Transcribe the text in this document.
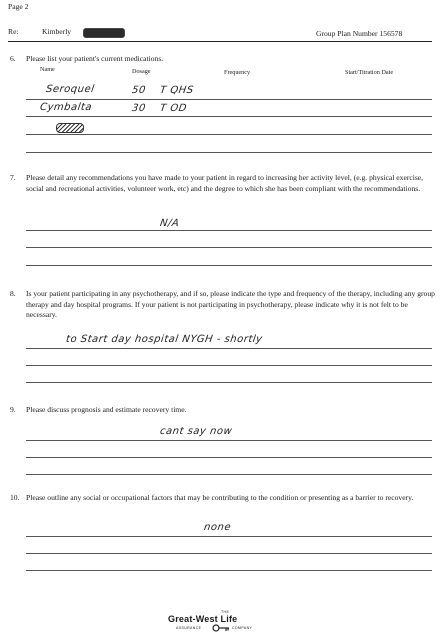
Page 2
Re:	Kimberly	Group Plan Number 156578
6. Please list your patient's current medications.
Name	Dosage	Frequency	Start/Titration Date
Seroquel	50 T QHS
Cymbalta	30 T OD
7. Please detail any recommendations you have made to your patient in regard to increasing her activity level, (e.g. physical exercise, social and recreational activities, volunteer work, etc) and the degree to which she has been compliant with the recommendations.
N/A
8. Is your patient participating in any psychotherapy, and if so, please indicate the type and frequency of the therapy, including any group therapy and day hospital programs. If your patient is not participating in psychotherapy, please indicate why it is not felt to be necessary.
to Start day hospital NYGH - shortly
9. Please discuss prognosis and estimate recovery time.
cant say now
10. Please outline any social or occupational factors that may be contributing to the condition or presenting as a barrier to recovery.
none
THE
Great-West Life
ASSURANCE	COMPANY
